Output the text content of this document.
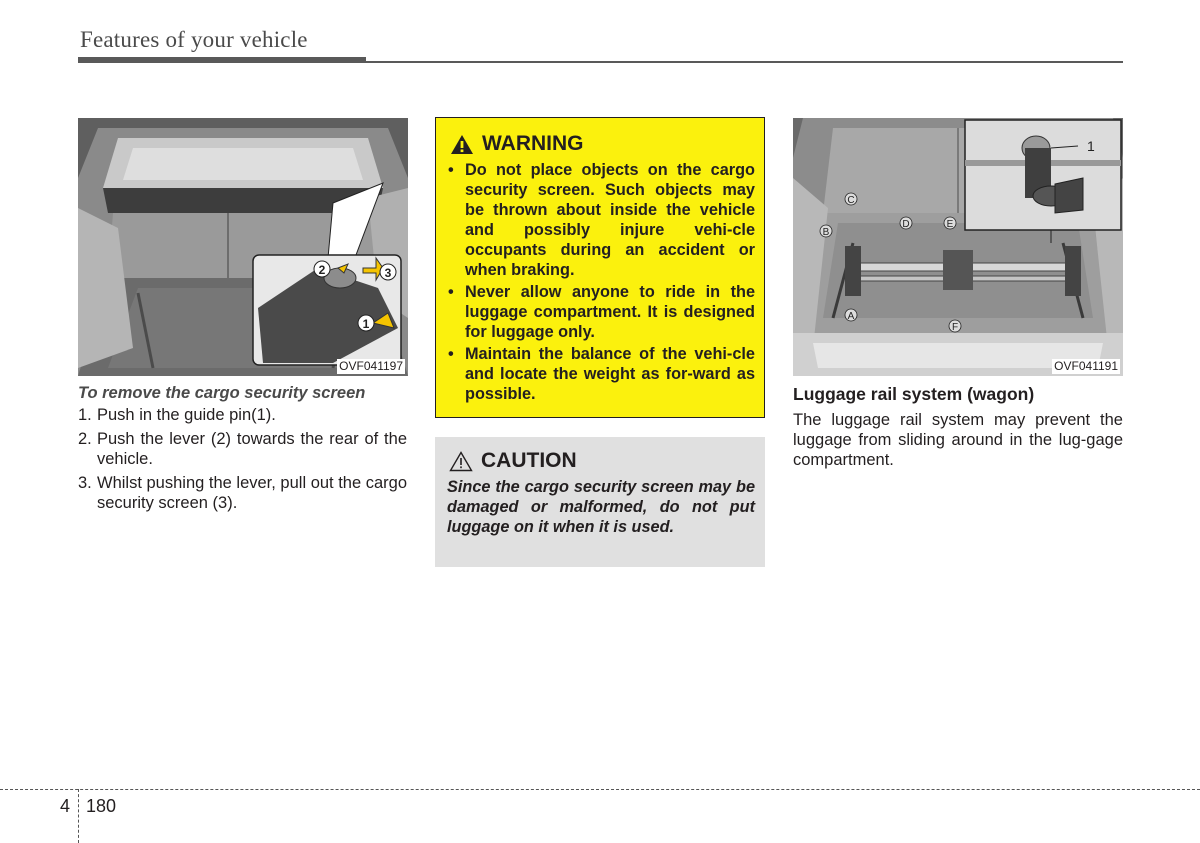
Features of your vehicle
2	3
1
OVF041197
To remove the cargo security screen
1. Push in the guide pin(1).
2. Push the lever (2) towards the rear of the vehicle.
3. Whilst pushing the lever, pull out the cargo security screen (3).
WARNING
• Do not place objects on the cargo security screen. Such objects may be thrown about inside the vehicle and possibly injure vehi-cle occupants during an accident or when braking.
• Never allow anyone to ride in the luggage compartment. It is designed for luggage only.
• Maintain the balance of the vehi-cle and locate the weight as for-ward as possible.
CAUTION
Since the cargo security screen may be damaged or malformed, do not put luggage on it when it is used.
1
A
B
C
D	E
F
OVF041191
Luggage rail system (wagon)
The luggage rail system may prevent the luggage from sliding around in the lug-gage compartment.
4 180
